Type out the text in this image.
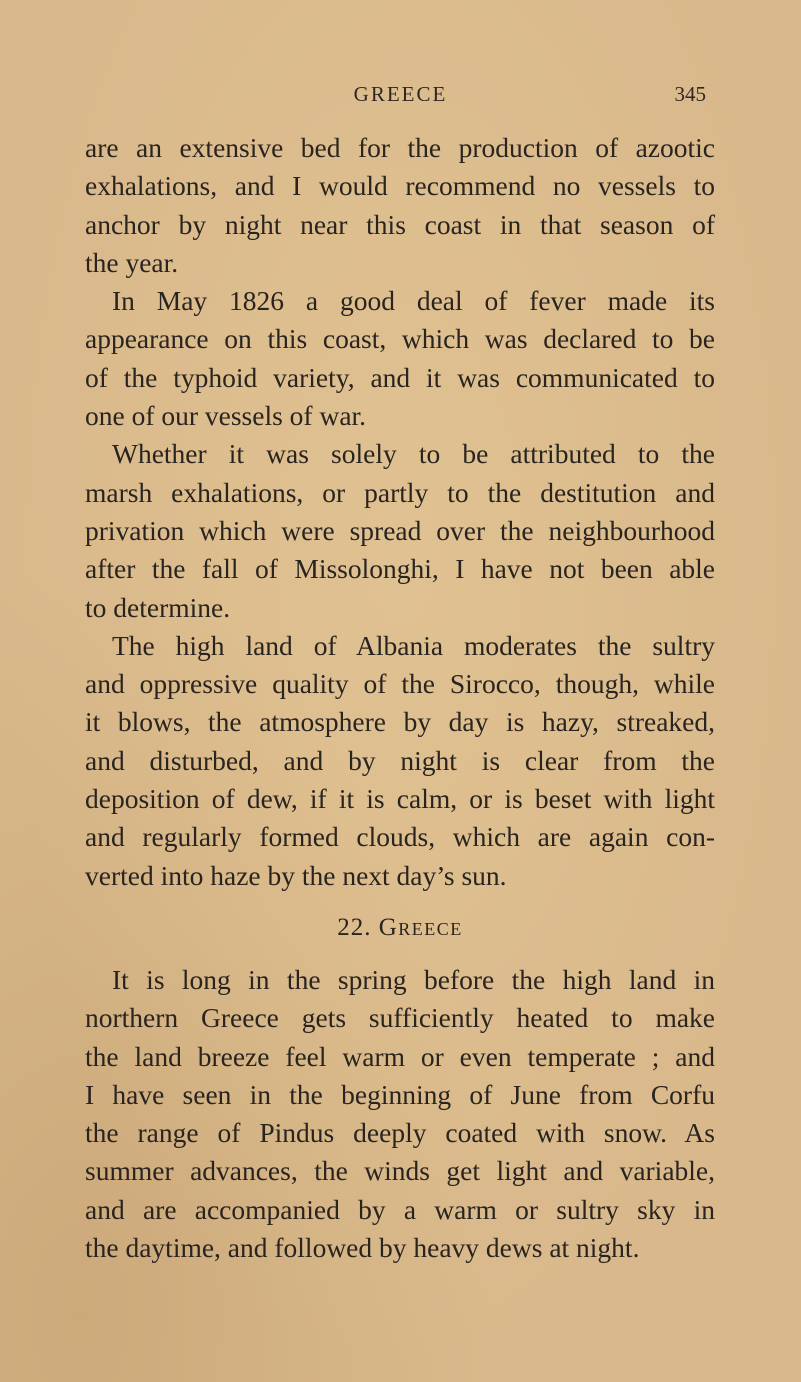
GREECE	345
are an extensive bed for the production of azootic
exhalations, and I would recommend no vessels to
anchor by night near this coast in that season of
the year.
In May 1826 a good deal of fever made its
appearance on this coast, which was declared to be
of the typhoid variety, and it was communicated to
one of our vessels of war.
Whether it was solely to be attributed to the
marsh exhalations, or partly to the destitution and
privation which were spread over the neighbourhood
after the fall of Missolonghi, I have not been able
to determine.
The high land of Albania moderates the sultry
and oppressive quality of the Sirocco, though, while
it blows, the atmosphere by day is hazy, streaked,
and disturbed, and by night is clear from the
deposition of dew, if it is calm, or is beset with light
and regularly formed clouds, which are again con-
verted into haze by the next day’s sun.
22. Greece
It is long in the spring before the high land in
northern Greece gets sufficiently heated to make
the land breeze feel warm or even temperate ; and
I have seen in the beginning of June from Corfu
the range of Pindus deeply coated with snow. As
summer advances, the winds get light and variable,
and are accompanied by a warm or sultry sky in
the daytime, and followed by heavy dews at night.
